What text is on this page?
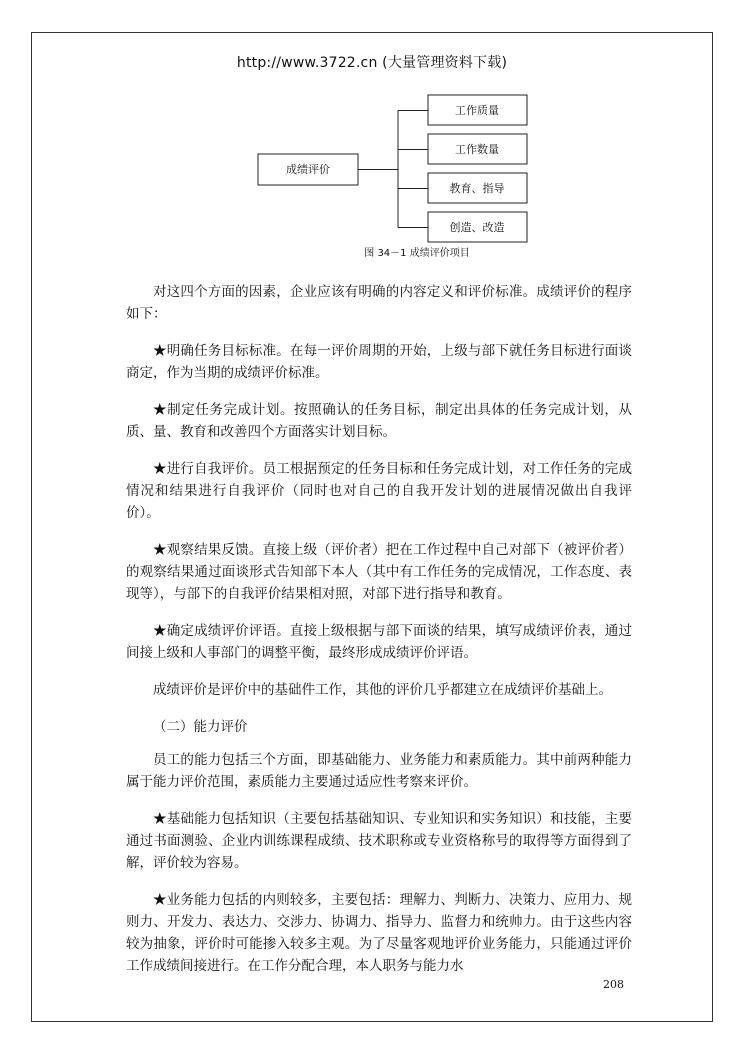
http://www.3722.cn (大量管理资料下载)
成绩评价
工作质量
工作数量
教育、指导
创造、改造
图 34－1 成绩评价项目

对这四个方面的因素，企业应该有明确的内容定义和评价标准。成绩评价的程序如下：

★明确任务目标标准。在每一评价周期的开始，上级与部下就任务目标进行面谈商定，作为当期的成绩评价标准。

★制定任务完成计划。按照确认的任务目标，制定出具体的任务完成计划，从质、量、教育和改善四个方面落实计划目标。

★进行自我评价。员工根据预定的任务目标和任务完成计划，对工作任务的完成情况和结果进行自我评价（同时也对自己的自我开发计划的进展情况做出自我评价）。

★观察结果反馈。直接上级（评价者）把在工作过程中自己对部下（被评价者）的观察结果通过面谈形式告知部下本人（其中有工作任务的完成情况，工作态度、表现等），与部下的自我评价结果相对照，对部下进行指导和教育。

★确定成绩评价评语。直接上级根据与部下面谈的结果，填写成绩评价表，通过间接上级和人事部门的调整平衡，最终形成成绩评价评语。

成绩评价是评价中的基础件工作，其他的评价几乎都建立在成绩评价基础上。

（二）能力评价

员工的能力包括三个方面，即基础能力、业务能力和素质能力。其中前两种能力属于能力评价范围，素质能力主要通过适应性考察来评价。

★基础能力包括知识（主要包括基础知识、专业知识和实务知识）和技能，主要通过书面测验、企业内训练课程成绩、技术职称或专业资格称号的取得等方面得到了解，评价较为容易。

★业务能力包括的内则较多，主要包括：理解力、判断力、决策力、应用力、规则力、开发力、表达力、交涉力、协调力、指导力、监督力和统帅力。由于这些内容较为抽象，评价时可能掺入较多主观。为了尽量客观地评价业务能力，只能通过评价工作成绩间接进行。在工作分配合理，本人职务与能力水

208
